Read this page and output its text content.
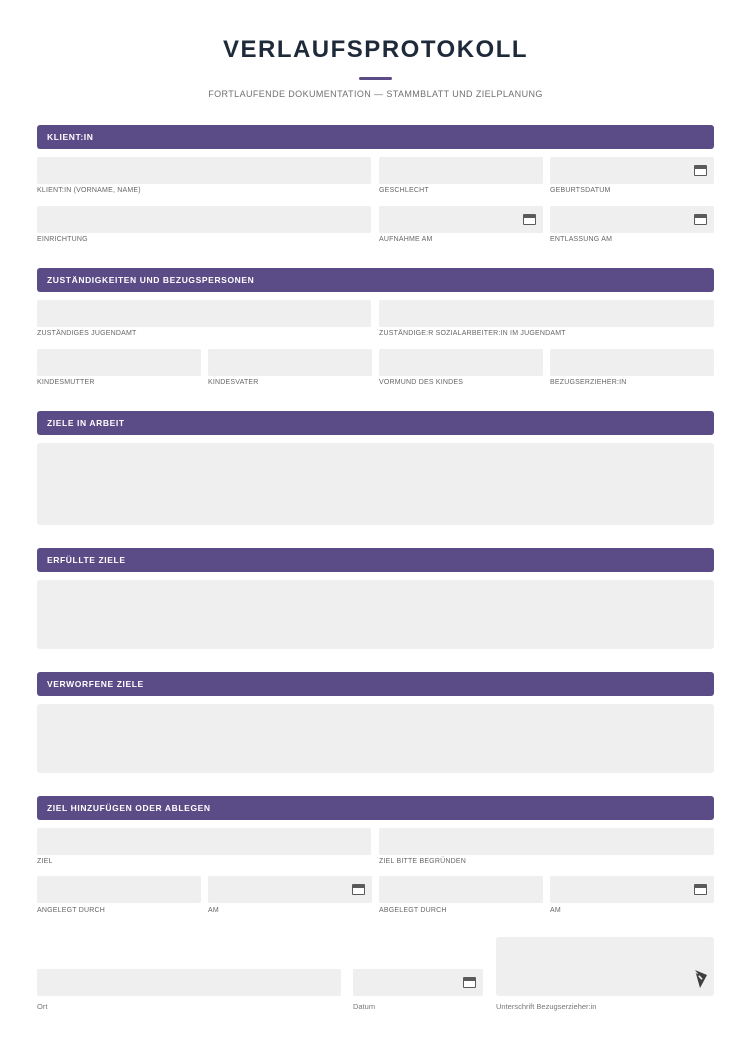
VERLAUFSPROTOKOLL
FORTLAUFENDE DOKUMENTATION — STAMMBLATT UND ZIELPLANUNG
KLIENT:IN
KLIENT:IN (VORNAME, NAME)	GESCHLECHT	GEBURTSDATUM
EINRICHTUNG	AUFNAHME AM	ENTLASSUNG AM
ZUSTÄNDIGKEITEN UND BEZUGSPERSONEN
ZUSTÄNDIGES JUGENDAMT	ZUSTÄNDIGE:R SOZIALARBEITER:IN IM JUGENDAMT
KINDESMUTTER	KINDESVATER	VORMUND DES KINDES	BEZUGSERZIEHER:IN
ZIELE IN ARBEIT
ERFÜLLTE ZIELE
VERWORFENE ZIELE
ZIEL HINZUFÜGEN ODER ABLEGEN
ZIEL	ZIEL BITTE BEGRÜNDEN
ANGELEGT DURCH	AM	ABGELEGT DURCH	AM
Ort	Datum	Unterschrift Bezugserzieher:in
